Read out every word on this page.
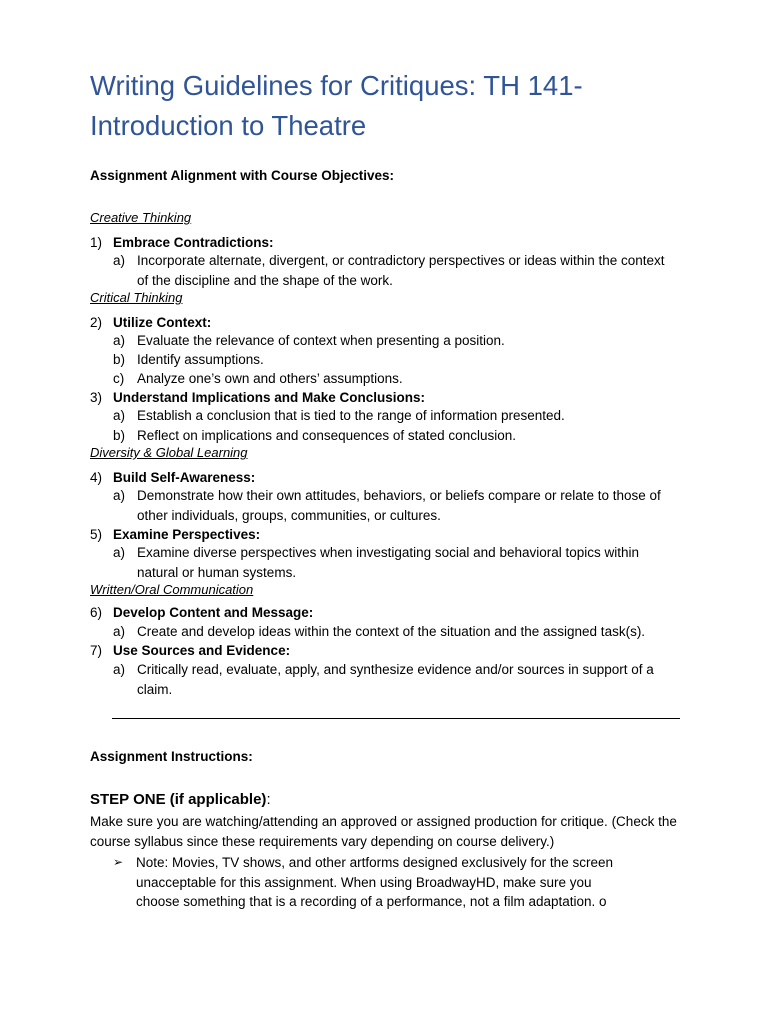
Writing Guidelines for Critiques: TH 141-
Introduction to Theatre
Assignment Alignment with Course Objectives:
Creative Thinking
1) Embrace Contradictions:
a) Incorporate alternate, divergent, or contradictory perspectives or ideas within the context of the discipline and the shape of the work.
Critical Thinking
2) Utilize Context:
a) Evaluate the relevance of context when presenting a position.
b) Identify assumptions.
c) Analyze one’s own and others’ assumptions.
3) Understand Implications and Make Conclusions:
a) Establish a conclusion that is tied to the range of information presented.
b) Reflect on implications and consequences of stated conclusion.
Diversity & Global Learning
4) Build Self-Awareness:
a) Demonstrate how their own attitudes, behaviors, or beliefs compare or relate to those of other individuals, groups, communities, or cultures.
5) Examine Perspectives:
a) Examine diverse perspectives when investigating social and behavioral topics within natural or human systems.
Written/Oral Communication
6) Develop Content and Message:
a) Create and develop ideas within the context of the situation and the assigned task(s).
7) Use Sources and Evidence:
a) Critically read, evaluate, apply, and synthesize evidence and/or sources in support of a claim.
Assignment Instructions:
STEP ONE (if applicable):
Make sure you are watching/attending an approved or assigned production for critique. (Check the course syllabus since these requirements vary depending on course delivery.)
➢ Note: Movies, TV shows, and other artforms designed exclusively for the screen unacceptable for this assignment. When using BroadwayHD, make sure you choose something that is a recording of a performance, not a film adaptation. o
